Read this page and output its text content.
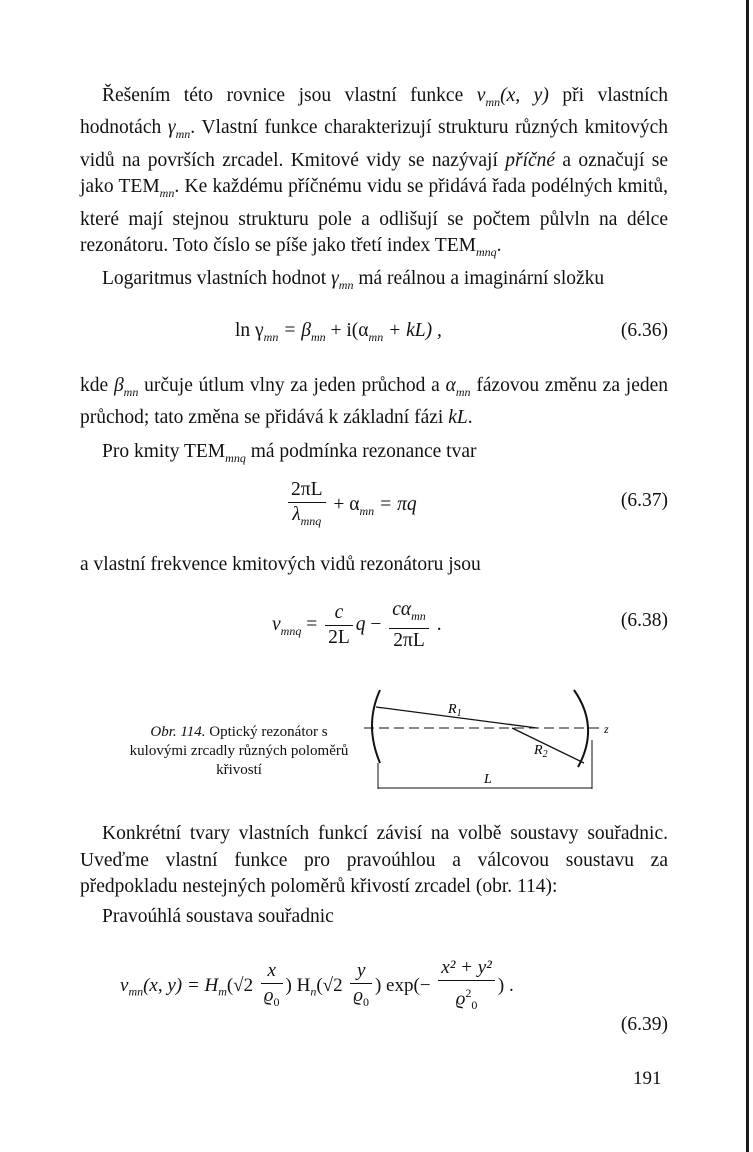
Řešením této rovnice jsou vlastní funkce $v_{mn}(x$, y) při vlastních hodnotách $\gamma_{mn}$. Vlastní funkce charakterizují strukturu různých kmitových vidů na površích zrcadel. Kmitové vidy se nazývají příčné a označují se jako $TEM_{mn}$. Ke každému příčnému vidu se přidává řada podélných kmitů, které mají stejnou strukturu pole a odlišují se počtem půlvln na délce rezonátoru. Toto číslo se píše jako třetí index $TEM_{mnq}$.

Logaritmus vlastních hodnot $\gamma_{mn}$ má reálnou a imaginární složku

$\ln \gamma_{mn} = \beta_{mn} + i(\alpha_{mn} + kL)$ ,	(6.36)

kde $\beta_{mn}$ určuje útlum vlny za jeden průchod a $\alpha_{mn}$ fázovou změnu za jeden průchod; tato změna se přidává k základní fázi kL.

Pro kmity $TEM_{mnq}$ má podmínka rezonance tvar

$\frac{2\pi L}{\lambda_{mnq}} + \alpha_{mn} = \pi q$	(6.37)

a vlastní frekvence kmitových vidů rezonátoru jsou

$\nu_{mnq} = \frac{c}{2L}$ $q - \frac{c\alpha_{mn}}{2\pi L}$ .	(6.38)
Obr. 114. Optický rezonátor s kulovými zrcadly různých poloměrů křivostí
$R_1$
$R_2$
L
z

Konkrétní tvary vlastních funkcí závisí na volbě soustavy souřadnic. Uveďme vlastní funkce pro pravoúhlou a válcovou soustavu za předpokladu nestejných poloměrů křivostí zrcadel (obr. 114):

Pravoúhlá soustava souřadnic

$v_{mn}(x$, $y) = H_m(√2 \frac{x}{ϱ_0}$ ) $H_n(√2 \frac{y}{ϱ_0}$ ) $\exp(- \frac{\text{x² + y²}}{ϱ^2_0}$ ) .
(6.39)
191
